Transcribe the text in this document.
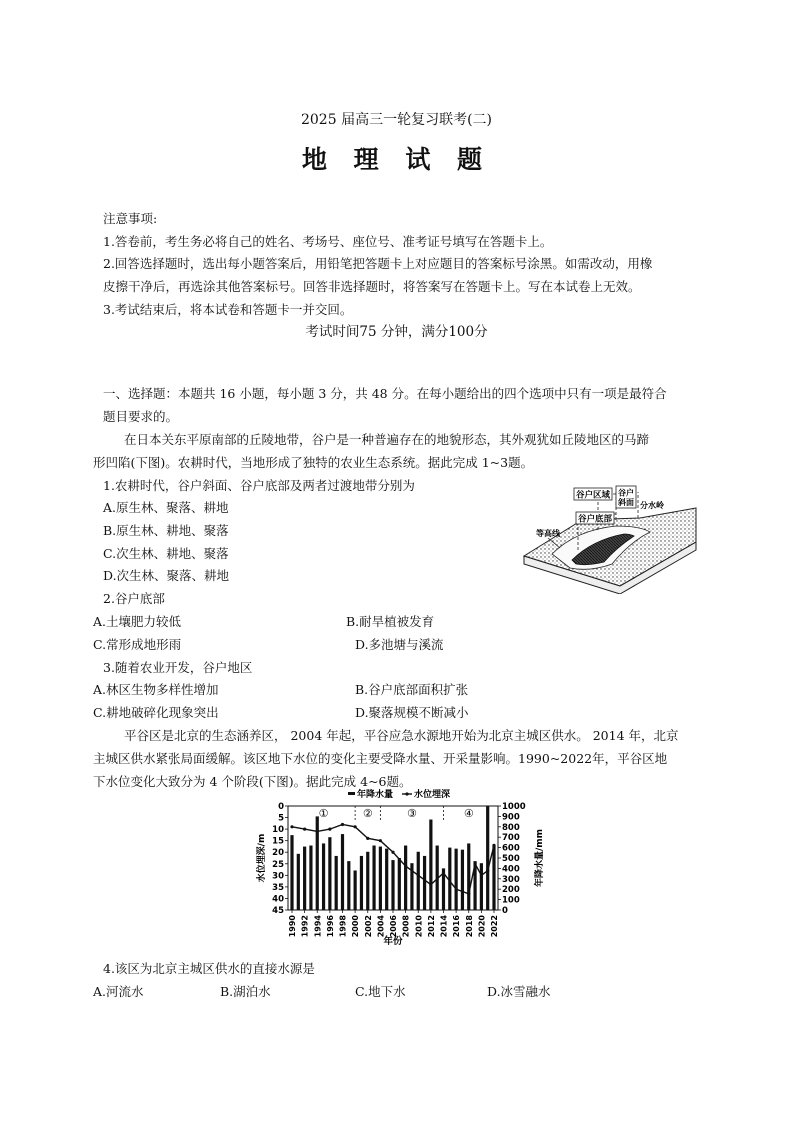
2025 届高三一轮复习联考(二)
地 理 试 题
注意事项:
1.答卷前，考生务必将自己的姓名、考场号、座位号、准考证号填写在答题卡上。
2.回答选择题时，选出每小题答案后，用铅笔把答题卡上对应题目的答案标号涂黑。如需改动，用橡
皮擦干净后，再选涂其他答案标号。回答非选择题时，将答案写在答题卡上。写在本试卷上无效。
3.考试结束后，将本试卷和答题卡一并交回。
考试时间75 分钟，满分100分
一、选择题：本题共 16 小题，每小题 3 分，共 48 分。在每小题给出的四个选项中只有一项是最符合
题目要求的。
在日本关东平原南部的丘陵地带，谷户是一种普遍存在的地貌形态，其外观犹如丘陵地区的马蹄
形凹陷(下图)。农耕时代，当地形成了独特的农业生态系统。据此完成 1~3题。
1.农耕时代，谷户斜面、谷户底部及两者过渡地带分别为
A.原生林、聚落、耕地
B.原生林、耕地、聚落
C.次生林、耕地、聚落
D.次生林、聚落、耕地
谷户区域 谷户
斜面 分水岭
谷户底部
等高线
2.谷户底部
A.土壤肥力较低	B.耐旱植被发育
C.常形成地形雨	D.多池塘与溪流
3.随着农业开发，谷户地区
A.林区生物多样性增加	B.谷户底部面积扩张
C.耕地破碎化现象突出	D.聚落规模不断减小
平谷区是北京的生态涵养区， 2004 年起，平谷应急水源地开始为北京主城区供水。 2014 年，北京
主城区供水紧张局面缓解。该区地下水位的变化主要受降水量、开采量影响。1990~2022年，平谷区地
下水位变化大致分为 4 个阶段(下图)。据此完成 4~6题。
0
5
10
15
20
25
30
35
40
45	0
100
200
300
400
500
600
700
800
900
1000
1990 1992 1994 1996 1998 2000 2002 2004 2006 2008 2010 2012 2014 2016 2018 2020 2022
①	②	③	④
年降水量 水位埋深
水位埋深/m	年降水量/mm
年份
4.该区为北京主城区供水的直接水源是
A.河流水	B.湖泊水	C.地下水	D.冰雪融水
